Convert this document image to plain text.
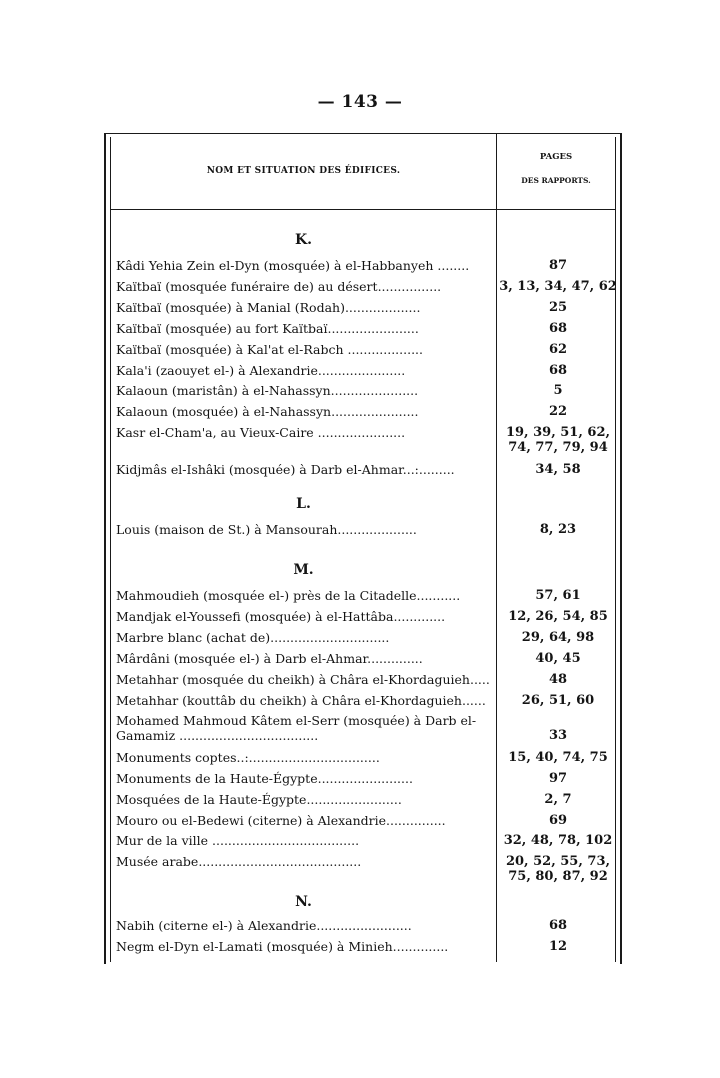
— 143 —
NOM ET SITUATION DES ÉDIFICES.
PAGES
DES RAPPORTS.
K.
Kâdi Yehia Zein el-Dyn (mosquée) à el-Habbanyeh ........	87
Kaïtbaï (mosquée funéraire de) au désert................	3, 13, 34, 47, 62
Kaïtbaï (mosquée) à Manial (Rodah)...................	25
Kaïtbaï (mosquée) au fort Kaïtbaï.......................	68
Kaïtbaï (mosquée) à Kal'at el-Rabch ...................	62
Kala'i (zaouyet el-) à Alexandrie......................	68
Kalaoun (maristân) à el-Nahassyn......................	5
Kalaoun (mosquée) à el-Nahassyn......................	22
Kasr el-Cham'a, au Vieux-Caire ......................	19, 39, 51, 62,
74, 77, 79, 94
Kidjmâs el-Ishâki (mosquée) à Darb el-Ahmar...:.........	34, 58
L.
Louis (maison de St.) à Mansourah....................	8, 23
M.
Mahmoudieh (mosquée el-) près de la Citadelle...........	57, 61
Mandjak el-Youssefi (mosquée) à el-Hattâba.............	12, 26, 54, 85
Marbre blanc (achat de)..............................	29, 64, 98
Mârdâni (mosquée el-) à Darb el-Ahmar..............	40, 45
Metahhar (mosquée du cheikh) à Châra el-Khordaguieh.....	48
Metahhar (kouttâb du cheikh) à Châra el-Khordaguieh......	26, 51, 60
Mohamed Mahmoud Kâtem el-Serr (mosquée) à Darb el-Gamamiz ...................................	33
Monuments coptes..:.................................	15, 40, 74, 75
Monuments de la Haute-Égypte........................	97
Mosquées de la Haute-Égypte........................	2, 7
Mouro ou el-Bedewi (citerne) à Alexandrie...............	69
Mur de la ville .....................................	32, 48, 78, 102
Musée arabe.........................................	20, 52, 55, 73,
75, 80, 87, 92
N.
Nabih (citerne el-) à Alexandrie........................	68
Negm el-Dyn el-Lamati (mosquée) à Minieh..............	12
